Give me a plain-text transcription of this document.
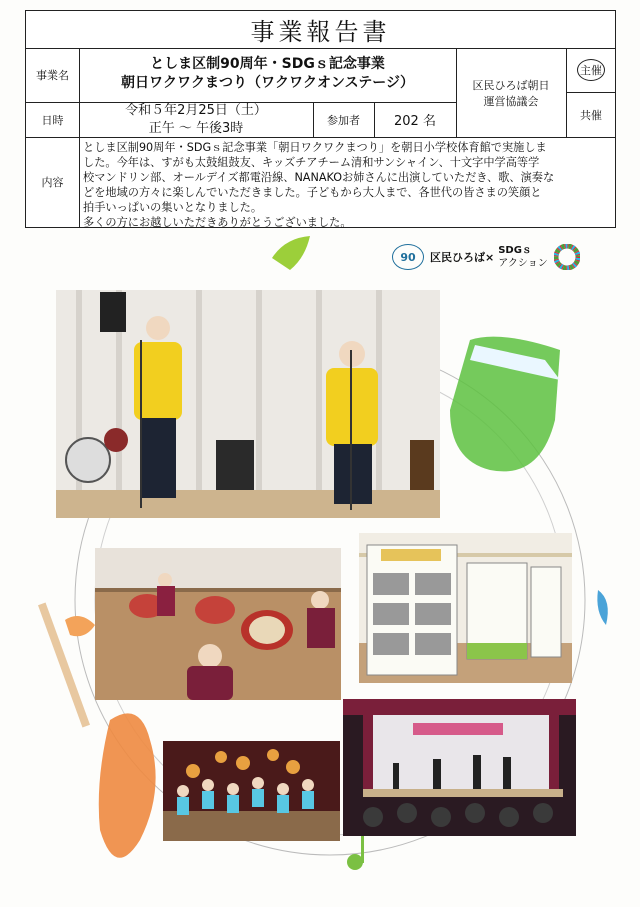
事業報告書
事業名
としま区制90周年・SDGｓ記念事業
朝日ワクワクまつり（ワクワクオンステージ）
日時
令和５年2月25日（土）
正午 ～ 午後3時
参加者	202 名
区民ひろば朝日
運営協議会
主催
共催
内容
としま区制90周年・SDGｓ記念事業「朝日ワクワクまつり」を朝日小学校体育館で実施しま
した。今年は、すがも太鼓組鼓友、キッズチアチーム清和サンシャイン、十文字中学高等学
校マンドリン部、オールデイズ都電沿線、NANAKOお姉さんに出演していただき、歌、演奏な
どを地域の方々に楽しんでいただきました。子どもから大人まで、各世代の皆さまの笑顔と
拍手いっぱいの集いとなりました。
多くの方にお越しいただきありがとうございました。
90	区民ひろば×
SDGｓ
アクション
